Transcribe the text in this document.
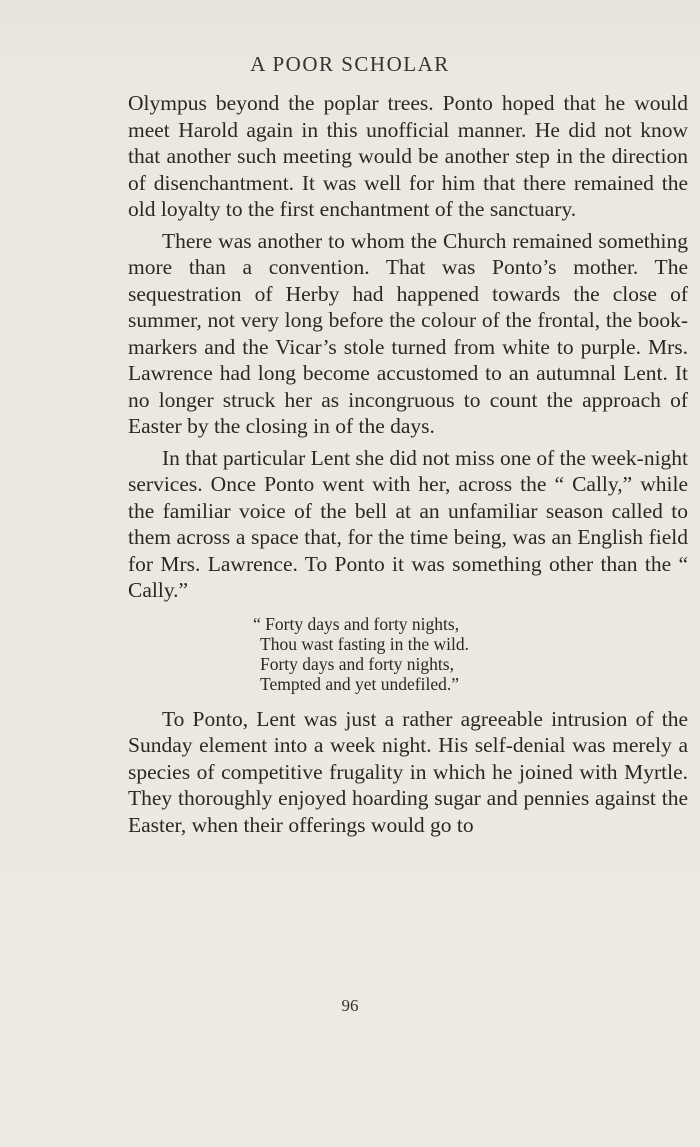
A POOR SCHOLAR

Olympus beyond the poplar trees. Ponto hoped that he would meet Harold again in this unofficial manner. He did not know that another such meeting would be another step in the direction of disenchantment. It was well for him that there remained the old loyalty to the first enchantment of the sanctuary.

There was another to whom the Church remained something more than a convention. That was Ponto’s mother. The sequestration of Herby had happened towards the close of summer, not very long before the colour of the frontal, the book-markers and the Vicar’s stole turned from white to purple. Mrs. Lawrence had long become accustomed to an autumnal Lent. It no longer struck her as incongruous to count the approach of Easter by the closing in of the days.

In that particular Lent she did not miss one of the week-night services. Once Ponto went with her, across the “ Cally,” while the familiar voice of the bell at an unfamiliar season called to them across a space that, for the time being, was an English field for Mrs. Lawrence. To Ponto it was something other than the “ Cally.”

“ Forty days and forty nights,
Thou wast fasting in the wild.
Forty days and forty nights,
Tempted and yet undefiled.”

To Ponto, Lent was just a rather agreeable intrusion of the Sunday element into a week night. His self-denial was merely a species of competitive frugality in which he joined with Myrtle. They thoroughly enjoyed hoarding sugar and pennies against the Easter, when their offerings would go to

96
